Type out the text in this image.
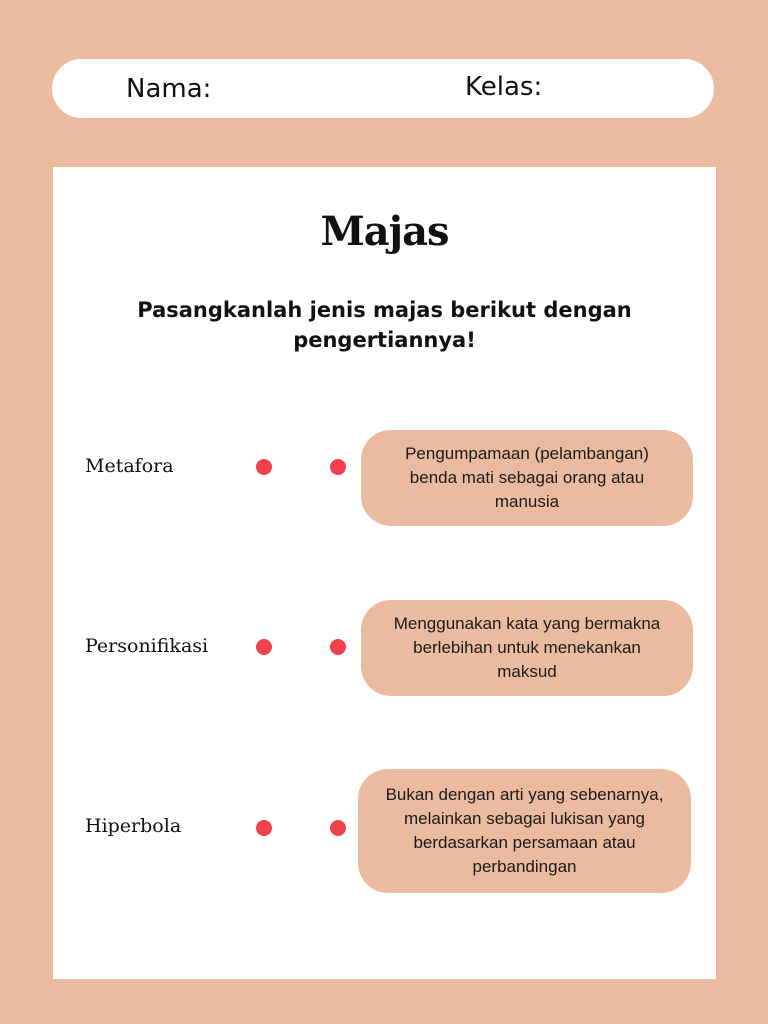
Nama:	Kelas:
Majas
Pasangkanlah jenis majas berikut dengan pengertiannya!
Metafora
Pengumpamaan (pelambangan) benda mati sebagai orang atau manusia
Personifikasi
Menggunakan kata yang bermakna berlebihan untuk menekankan maksud
Hiperbola
Bukan dengan arti yang sebenarnya, melainkan sebagai lukisan yang berdasarkan persamaan atau perbandingan
